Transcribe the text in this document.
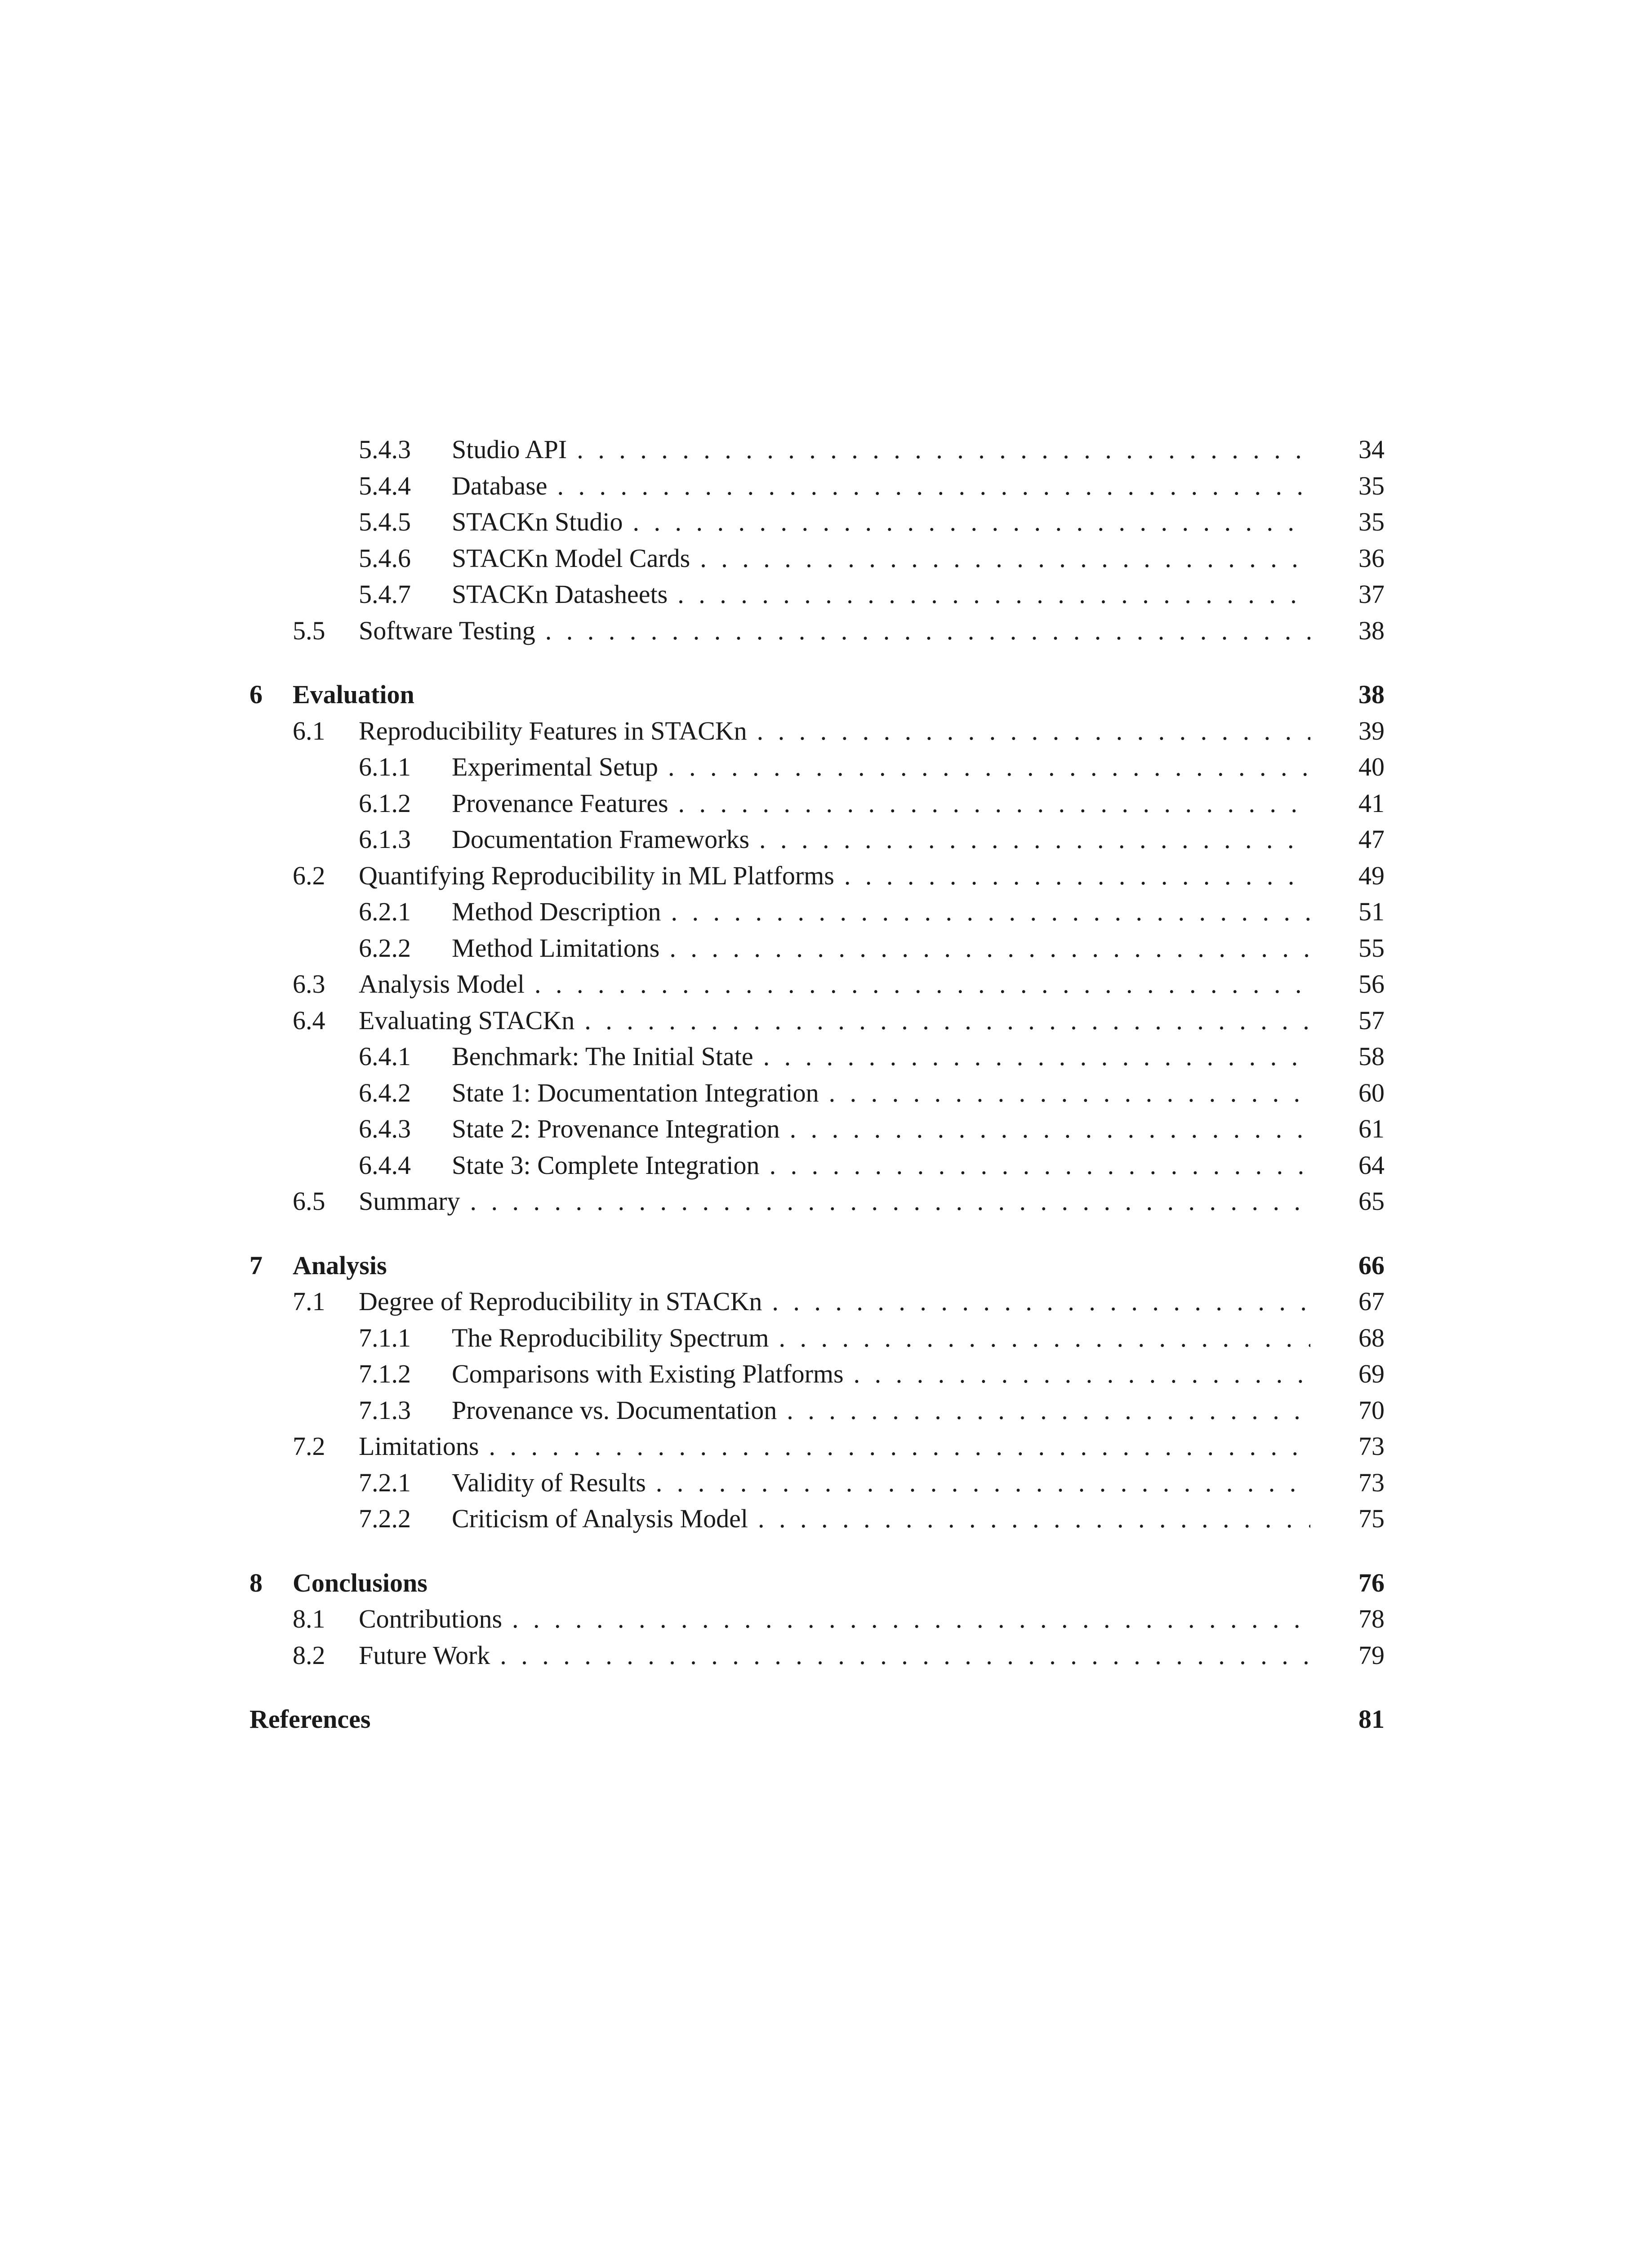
5.4.3 Studio API . . .	34
5.4.4 Database . . .	35
5.4.5 STACKn Studio . . .	35
5.4.6 STACKn Model Cards . . .	36
5.4.7 STACKn Datasheets . . .	37
5.5 Software Testing . . .	38
6 Evaluation	38
6.1 Reproducibility Features in STACKn . . .	39
6.1.1 Experimental Setup . . .	40
6.1.2 Provenance Features . . .	41
6.1.3 Documentation Frameworks . . .	47
6.2 Quantifying Reproducibility in ML Platforms . . .	49
6.2.1 Method Description . . .	51
6.2.2 Method Limitations . . .	55
6.3 Analysis Model . . .	56
6.4 Evaluating STACKn . . .	57
6.4.1 Benchmark: The Initial State . . .	58
6.4.2 State 1: Documentation Integration . . .	60
6.4.3 State 2: Provenance Integration . . .	61
6.4.4 State 3: Complete Integration . . .	64
6.5 Summary . . .	65
7 Analysis	66
7.1 Degree of Reproducibility in STACKn . . .	67
7.1.1 The Reproducibility Spectrum . . .	68
7.1.2 Comparisons with Existing Platforms . . .	69
7.1.3 Provenance vs. Documentation . . .	70
7.2 Limitations . . .	73
7.2.1 Validity of Results . . .	73
7.2.2 Criticism of Analysis Model . . .	75
8 Conclusions	76
8.1 Contributions . . .	78
8.2 Future Work . . .	79
References	81
